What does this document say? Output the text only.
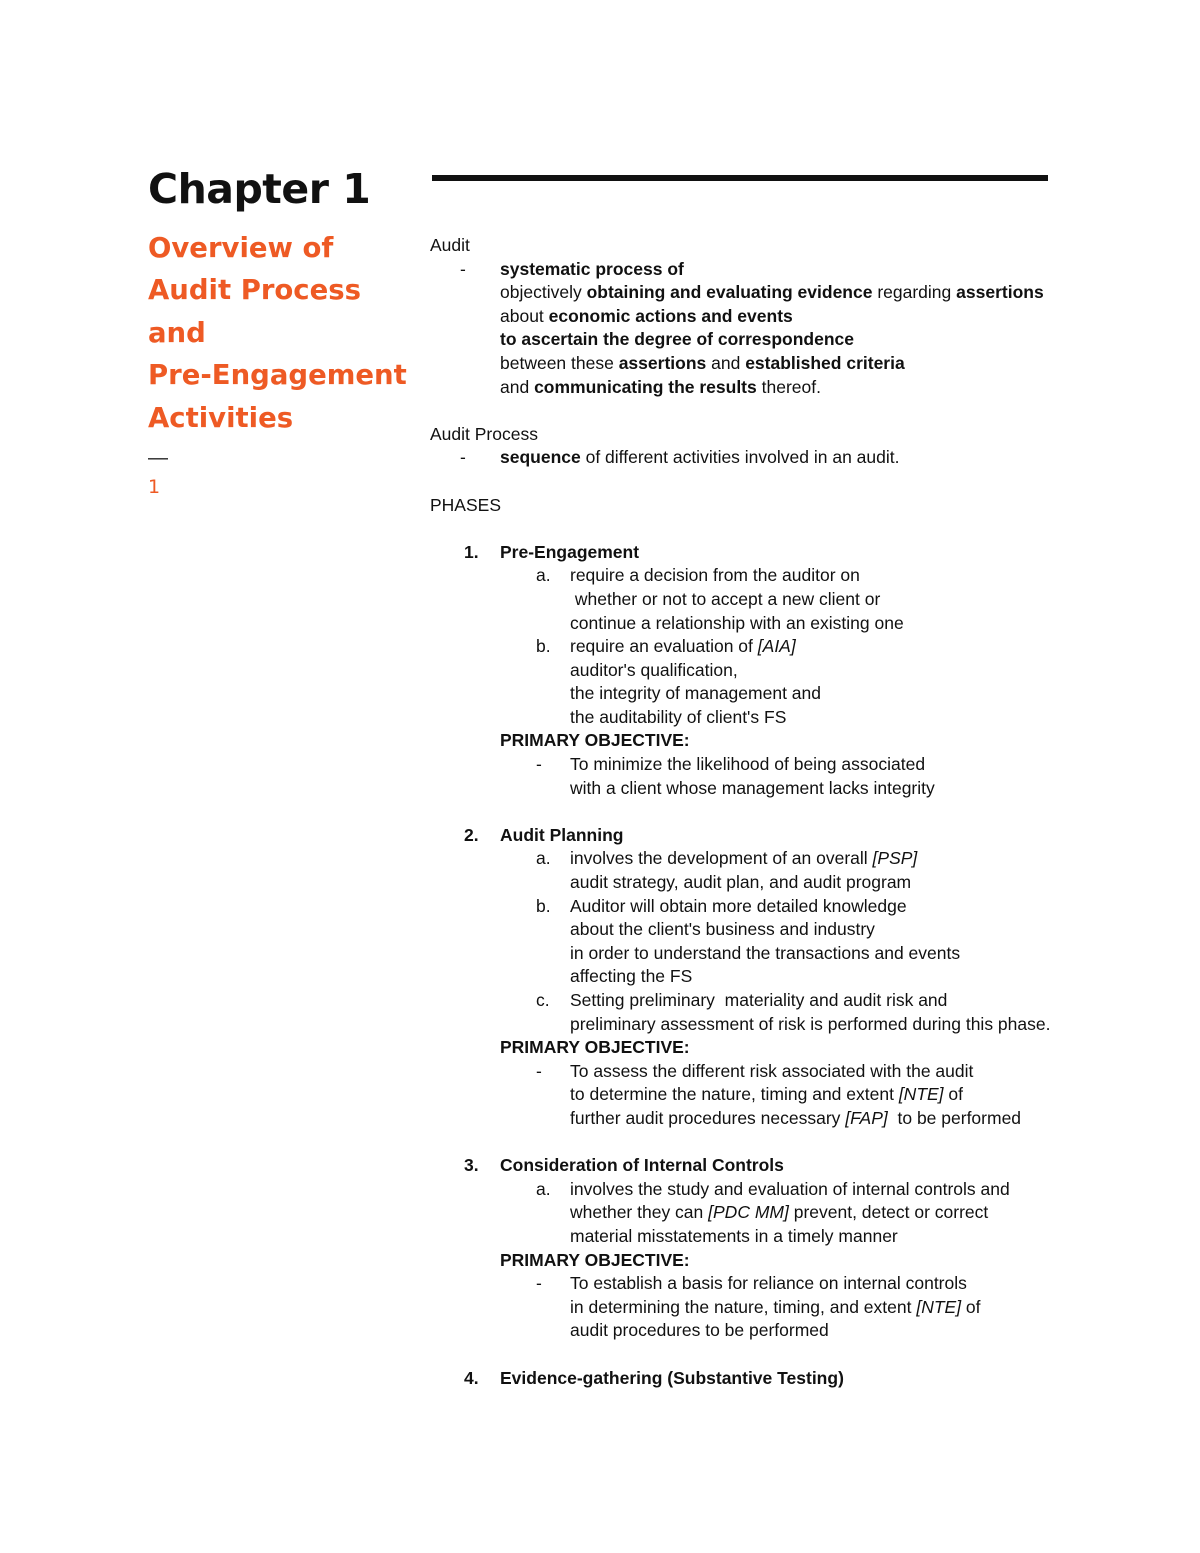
Chapter 1
Overview of
Audit Process
and
Pre-Engagement
Activities
—
1
Audit
- systematic process of
objectively obtaining and evaluating evidence regarding assertions
about economic actions and events
to ascertain the degree of correspondence
between these assertions and established criteria
and communicating the results thereof.
Audit Process
- sequence of different activities involved in an audit.
PHASES
1. Pre-Engagement
a. require a decision from the auditor on
whether or not to accept a new client or
continue a relationship with an existing one
b. require an evaluation of [AIA]
auditor's qualification,
the integrity of management and
the auditability of client's FS
PRIMARY OBJECTIVE:
- To minimize the likelihood of being associated
with a client whose management lacks integrity
2. Audit Planning
a. involves the development of an overall [PSP]
audit strategy, audit plan, and audit program
b. Auditor will obtain more detailed knowledge
about the client's business and industry
in order to understand the transactions and events
affecting the FS
c. Setting preliminary  materiality and audit risk and
preliminary assessment of risk is performed during this phase.
PRIMARY OBJECTIVE:
- To assess the different risk associated with the audit
to determine the nature, timing and extent [NTE] of
further audit procedures necessary [FAP]  to be performed
3. Consideration of Internal Controls
a. involves the study and evaluation of internal controls and
whether they can [PDC MM] prevent, detect or correct
material misstatements in a timely manner
PRIMARY OBJECTIVE:
- To establish a basis for reliance on internal controls
in determining the nature, timing, and extent [NTE] of
audit procedures to be performed
4. Evidence-gathering (Substantive Testing)
